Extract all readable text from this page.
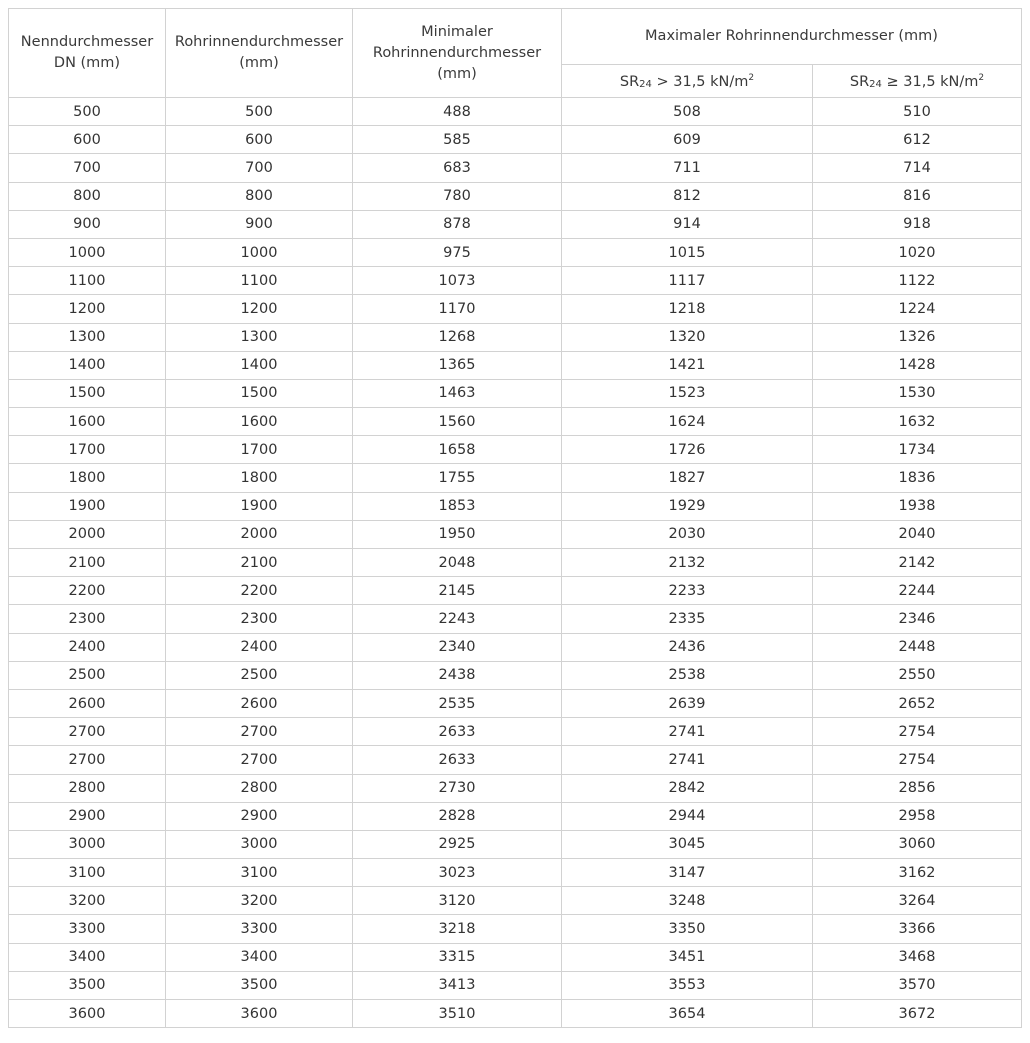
Nenndurchmesser DN (mm)	Rohrinnendurchmesser (mm)	Minimaler Rohrinnendurchmesser (mm)	Maximaler Rohrinnendurchmesser (mm)	
			$SR_{24} > 31,5$ $kN/m^2$	$SR_{24} \ge 31,5$ $kN/m^2$
500	500	488	508	510
600	600	585	609	612
700	700	683	711	714
800	800	780	812	816
900	900	878	914	918
1000	1000	975	1015	1020
1100	1100	1073	1117	1122
1200	1200	1170	1218	1224
1300	1300	1268	1320	1326
1400	1400	1365	1421	1428
1500	1500	1463	1523	1530
1600	1600	1560	1624	1632
1700	1700	1658	1726	1734
1800	1800	1755	1827	1836
1900	1900	1853	1929	1938
2000	2000	1950	2030	2040
2100	2100	2048	2132	2142
2200	2200	2145	2233	2244
2300	2300	2243	2335	2346
2400	2400	2340	2436	2448
2500	2500	2438	2538	2550
2600	2600	2535	2639	2652
2700	2700	2633	2741	2754
2700	2700	2633	2741	2754
2800	2800	2730	2842	2856
2900	2900	2828	2944	2958
3000	3000	2925	3045	3060
3100	3100	3023	3147	3162
3200	3200	3120	3248	3264
3300	3300	3218	3350	3366
3400	3400	3315	3451	3468
3500	3500	3413	3553	3570
3600	3600	3510	3654	3672
